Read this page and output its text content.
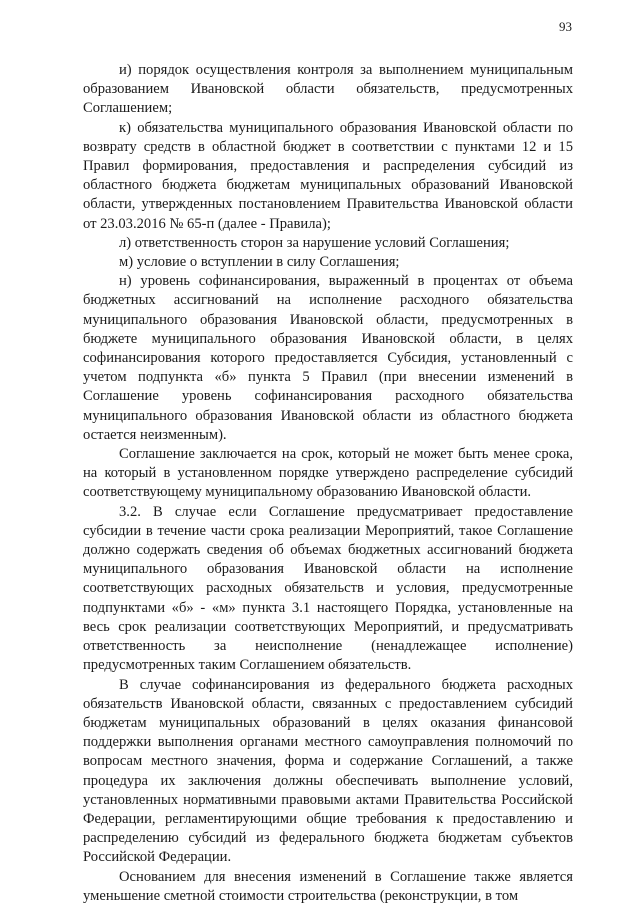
93

и) порядок осуществления контроля за выполнением муниципальным образованием Ивановской области обязательств, предусмотренных Соглашением;

к) обязательства муниципального образования Ивановской области по возврату средств в областной бюджет в соответствии с пунктами 12 и 15 Правил формирования, предоставления и распределения субсидий из областного бюджета бюджетам муниципальных образований Ивановской области, утвержденных постановлением Правительства Ивановской области от 23.03.2016 № 65-п (далее - Правила);

л) ответственность сторон за нарушение условий Соглашения;

м) условие о вступлении в силу Соглашения;

н) уровень софинансирования, выраженный в процентах от объема бюджетных ассигнований на исполнение расходного обязательства муниципального образования Ивановской области, предусмотренных в бюджете муниципального образования Ивановской области, в целях софинансирования которого предоставляется Субсидия, установленный с учетом подпункта «б» пункта 5 Правил (при внесении изменений в Соглашение уровень софинансирования расходного обязательства муниципального образования Ивановской области из областного бюджета остается неизменным).

Соглашение заключается на срок, который не может быть менее срока, на который в установленном порядке утверждено распределение субсидий соответствующему муниципальному образованию Ивановской области.

3.2. В случае если Соглашение предусматривает предоставление субсидии в течение части срока реализации Мероприятий, такое Соглашение должно содержать сведения об объемах бюджетных ассигнований бюджета муниципального образования Ивановской области на исполнение соответствующих расходных обязательств и условия, предусмотренные подпунктами «б» - «м» пункта 3.1 настоящего Порядка, установленные на весь срок реализации соответствующих Мероприятий, и предусматривать ответственность за неисполнение (ненадлежащее исполнение) предусмотренных таким Соглашением обязательств.

В случае софинансирования из федерального бюджета расходных обязательств Ивановской области, связанных с предоставлением субсидий бюджетам муниципальных образований в целях оказания финансовой поддержки выполнения органами местного самоуправления полномочий по вопросам местного значения, форма и содержание Соглашений, а также процедура их заключения должны обеспечивать выполнение условий, установленных нормативными правовыми актами Правительства Российской Федерации, регламентирующими общие требования к предоставлению и распределению субсидий из федерального бюджета бюджетам субъектов Российской Федерации.

Основанием для внесения изменений в Соглашение также является уменьшение сметной стоимости строительства (реконструкции, в том
